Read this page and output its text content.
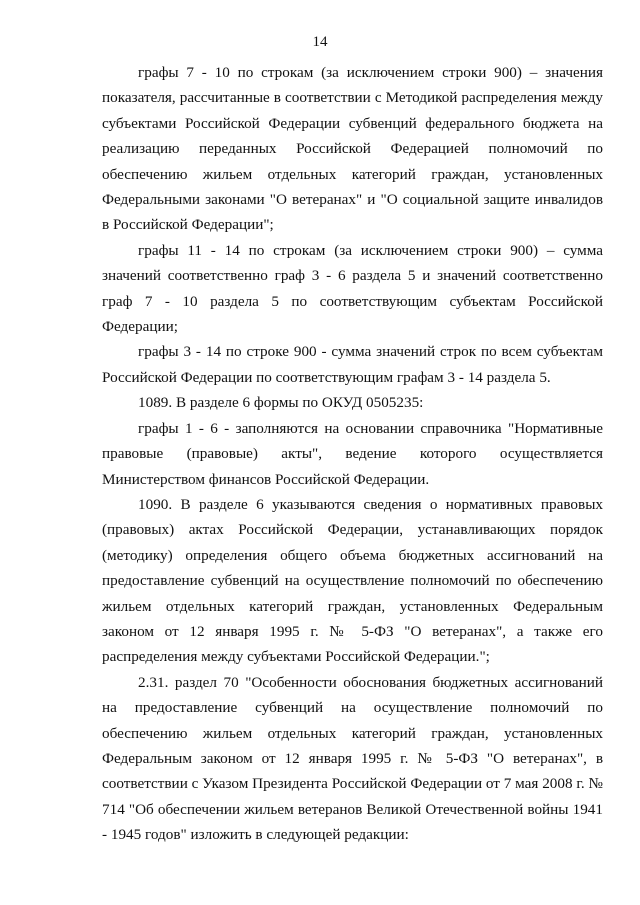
14

графы 7 - 10 по строкам (за исключением строки 900) – значения показателя, рассчитанные в соответствии с Методикой распределения между субъектами Российской Федерации субвенций федерального бюджета на реализацию переданных Российской Федерацией полномочий по обеспечению жильем отдельных категорий граждан, установленных Федеральными законами "О ветеранах" и "О социальной защите инвалидов в Российской Федерации";

графы 11 - 14 по строкам (за исключением строки 900) – сумма значений соответственно граф 3 - 6 раздела 5 и значений соответственно граф 7 - 10 раздела 5 по соответствующим субъектам Российской Федерации;

графы 3 - 14 по строке 900 - сумма значений строк по всем субъектам Российской Федерации по соответствующим графам 3 - 14 раздела 5.

1089. В разделе 6 формы по ОКУД 0505235:

графы 1 - 6 - заполняются на основании справочника "Нормативные правовые (правовые) акты", ведение которого осуществляется Министерством финансов Российской Федерации.

1090. В разделе 6 указываются сведения о нормативных правовых (правовых) актах Российской Федерации, устанавливающих порядок (методику) определения общего объема бюджетных ассигнований на предоставление субвенций на осуществление полномочий по обеспечению жильем отдельных категорий граждан, установленных Федеральным законом от 12 января 1995 г. № 5-ФЗ "О ветеранах", а также его распределения между субъектами Российской Федерации.";

2.31. раздел 70 "Особенности обоснования бюджетных ассигнований на предоставление субвенций на осуществление полномочий по обеспечению жильем отдельных категорий граждан, установленных Федеральным законом от 12 января 1995 г. № 5-ФЗ "О ветеранах", в соответствии с Указом Президента Российской Федерации от 7 мая 2008 г. № 714 "Об обеспечении жильем ветеранов Великой Отечественной войны 1941 - 1945 годов" изложить в следующей редакции:
